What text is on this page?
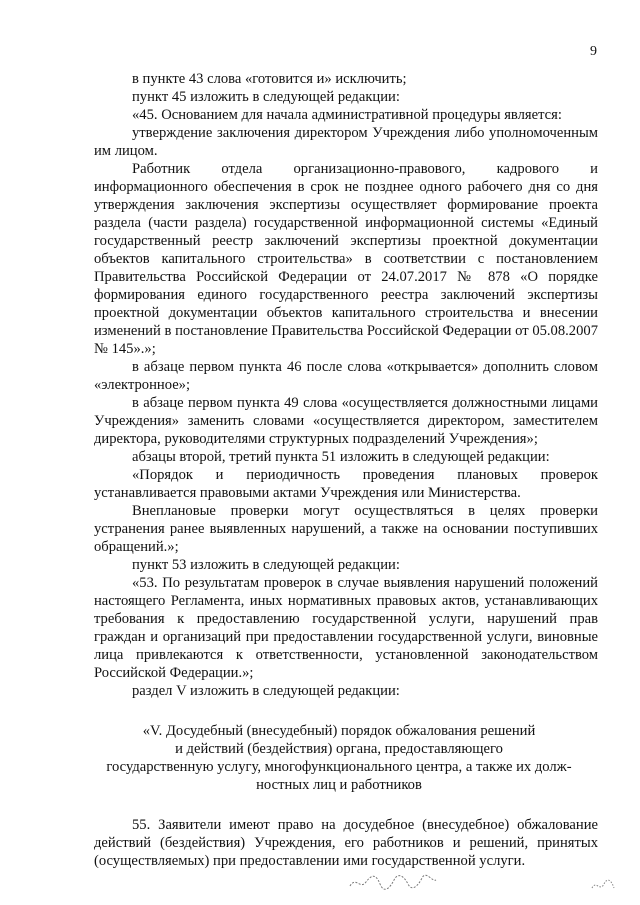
9

в пункте 43 слова «готовится и» исключить;

пункт 45 изложить в следующей редакции:

«45. Основанием для начала административной процедуры является:

утверждение заключения директором Учреждения либо уполномоченным им лицом.

Работник отдела организационно-правового, кадрового и информационного обеспечения в срок не позднее одного рабочего дня со дня утверждения заключения экспертизы осуществляет формирование проекта раздела (части раздела) государственной информационной системы «Единый государственный реестр заключений экспертизы проектной документации объектов капитального строительства» в соответствии с постановлением Правительства Российской Федерации от 24.07.2017 № 878 «О порядке формирования единого государственного реестра заключений экспертизы проектной документации объектов капитального строительства и внесении изменений в постановление Правительства Российской Федерации от 05.08.2007 № 145».»;

в абзаце первом пункта 46 после слова «открывается» дополнить словом «электронное»;

в абзаце первом пункта 49 слова «осуществляется должностными лицами Учреждения» заменить словами «осуществляется директором, заместителем директора, руководителями структурных подразделений Учреждения»;

абзацы второй, третий пункта 51 изложить в следующей редакции:

«Порядок и периодичность проведения плановых проверок устанавливается правовыми актами Учреждения или Министерства.

Внеплановые проверки могут осуществляться в целях проверки устранения ранее выявленных нарушений, а также на основании поступивших обращений.»;

пункт 53 изложить в следующей редакции:

«53. По результатам проверок в случае выявления нарушений положений настоящего Регламента, иных нормативных правовых актов, устанавливающих требования к предоставлению государственной услуги, нарушений прав граждан и организаций при предоставлении государственной услуги, виновные лица привлекаются к ответственности, установленной законодательством Российской Федерации.»;

раздел V изложить в следующей редакции:

«V. Досудебный (внесудебный) порядок обжалования решений
и действий (бездействия) органа, предоставляющего
государственную услугу, многофункционального центра, а также их долж-
ностных лиц и работников

55. Заявители имеют право на досудебное (внесудебное) обжалование действий (бездействия) Учреждения, его работников и решений, принятых (осуществляемых) при предоставлении ими государственной услуги.
